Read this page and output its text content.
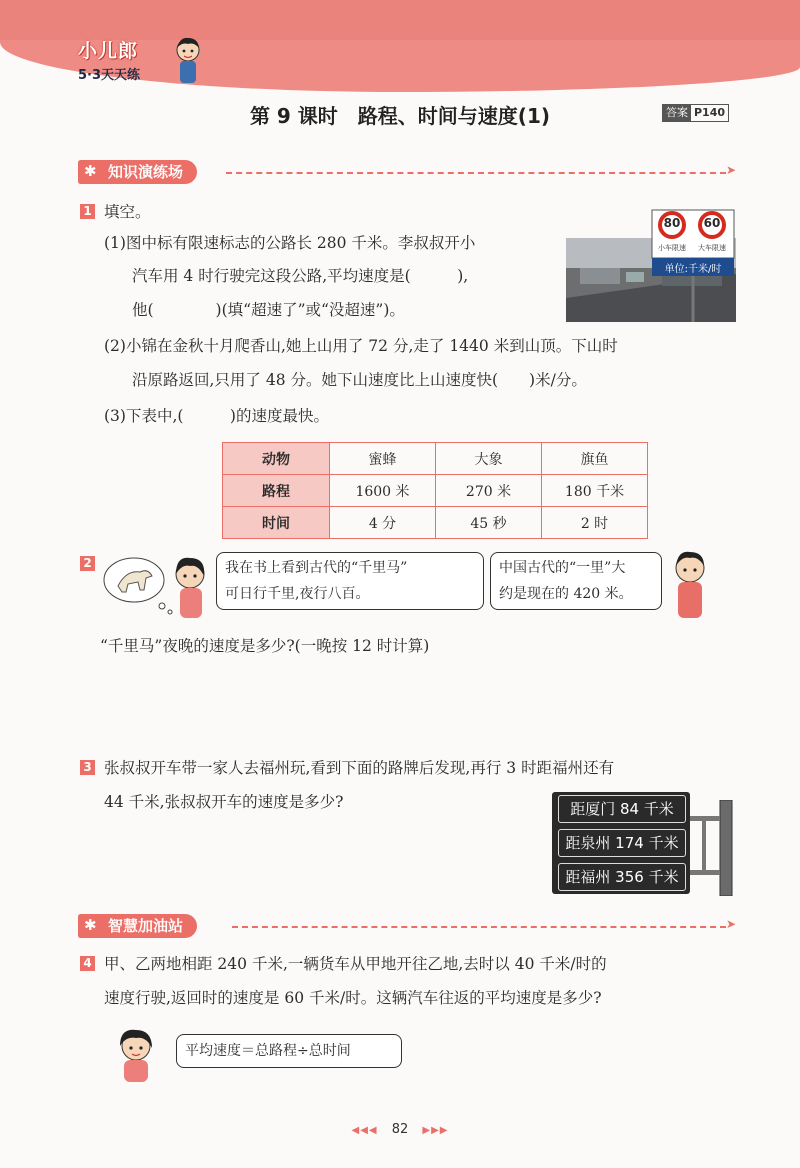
小儿郎
5·3天天练
第 9 课时　路程、时间与速度(1)	答案 P140
✱ 知识演练场	➤
1 填空。
(1)图中标有限速标志的公路长 280 千米。李叔叔开小
汽车用 4 时行驶完这段公路,平均速度是(　　　),
他(　　　　)(填“超速了”或“没超速”)。
80	60
小车限速	大车限速
单位:千米/时
(2)小锦在金秋十月爬香山,她上山用了 72 分,走了 1440 米到山顶。下山时
沿原路返回,只用了 48 分。她下山速度比上山速度快(　　)米/分。
(3)下表中,(　　　)的速度最快。
动物	蜜蜂	大象	旗鱼
路程	1600 米	270 米	180 千米
时间	4 分	45 秒	2 时
2	我在书上看到古代的“千里马”
可日行千里,夜行八百。
中国古代的“一里”大
约是现在的 420 米。
“千里马”夜晚的速度是多少?(一晚按 12 时计算)
3 张叔叔开车带一家人去福州玩,看到下面的路牌后发现,再行 3 时距福州还有
44 千米,张叔叔开车的速度是多少?	距厦门 84 千米
距泉州 174 千米
距福州 356 千米
✱ 智慧加油站	➤
4 甲、乙两地相距 240 千米,一辆货车从甲地开往乙地,去时以 40 千米/时的
速度行驶,返回时的速度是 60 千米/时。这辆汽车往返的平均速度是多少?
平均速度＝总路程÷总时间
◀◀◀ 82 ▶▶▶
